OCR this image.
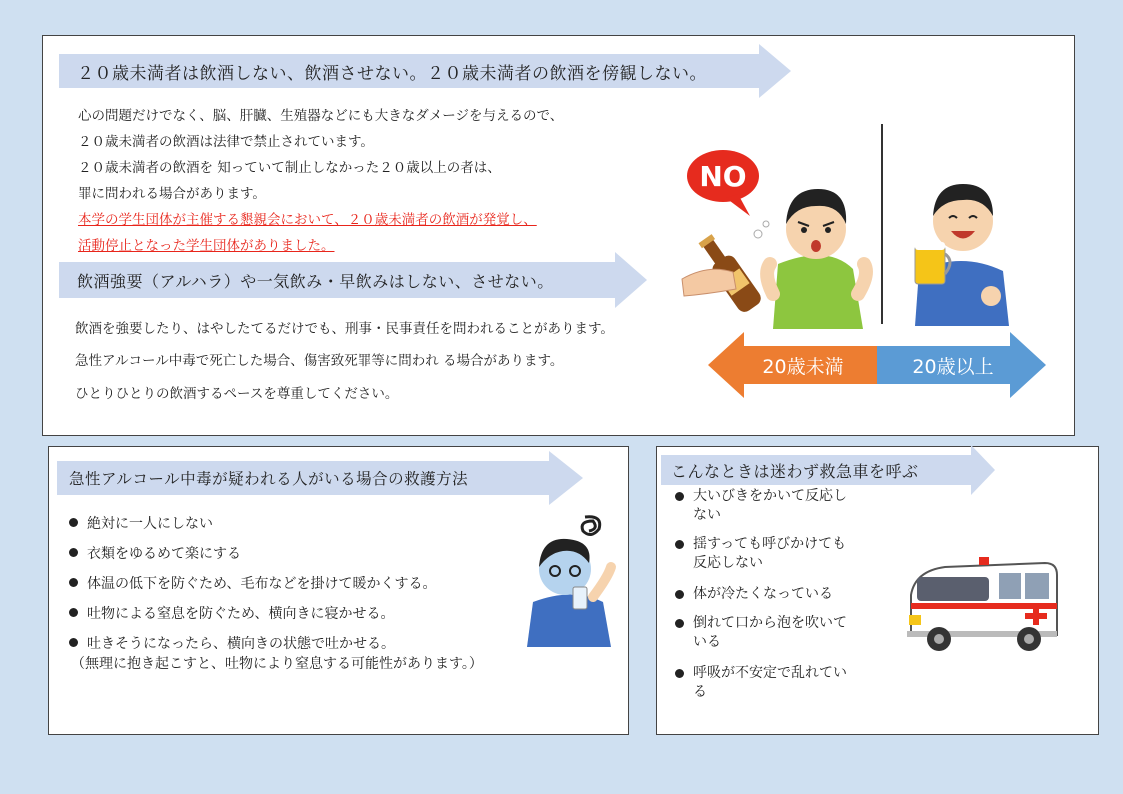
２０歳未満者は飲酒しない、飲酒させない。２０歳未満者の飲酒を傍観しない。
心の問題だけでなく、脳、肝臓、生殖器などにも大きなダメージを与えるので、
２０歳未満者の飲酒は法律で禁止されています。
２０歳未満者の飲酒を 知っていて制止しなかった２０歳以上の者は、
罪に問われる場合があります。
本学の学生団体が主催する懇親会において、２０歳未満者の飲酒が発覚し、
活動停止となった学生団体がありました。
飲酒強要（アルハラ）や一気飲み・早飲みはしない、させない。
飲酒を強要したり、はやしたてるだけでも、刑事・民事責任を問われることがあります。
急性アルコール中毒で死亡した場合、傷害致死罪等に問われ る場合があります。
ひとりひとりの飲酒するペースを尊重してください。
NO
20歳未満	20歳以上
急性アルコール中毒が疑われる人がいる場合の救護方法
絶対に一人にしない
衣類をゆるめて楽にする
体温の低下を防ぐため、毛布などを掛けて暖かくする。
吐物による窒息を防ぐため、横向きに寝かせる。
吐きそうになったら、横向きの状態で吐かせる。
（無理に抱き起こすと、吐物により窒息する可能性があります。）
こんなときは迷わず救急車を呼ぶ
大いびきをかいて反応し
ない
揺すっても呼びかけても
反応しない
体が冷たくなっている
倒れて口から泡を吹いて
いる
呼吸が不安定で乱れてい
る
